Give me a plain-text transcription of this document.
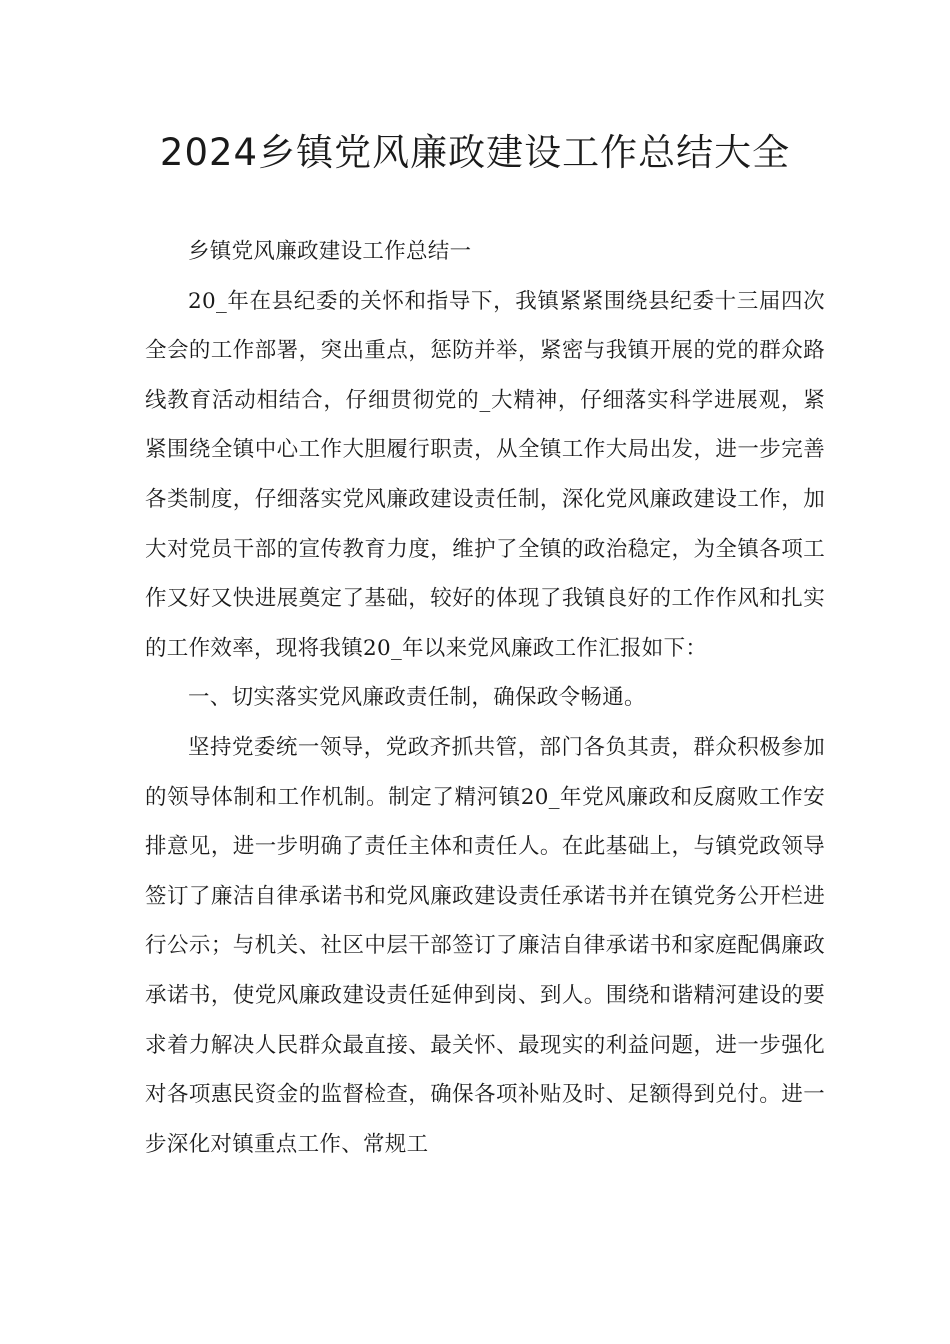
2024乡镇党风廉政建设工作总结大全

乡镇党风廉政建设工作总结一

20_年在县纪委的关怀和指导下，我镇紧紧围绕县纪委十三届四次全会的工作部署，突出重点，惩防并举，紧密与我镇开展的党的群众路线教育活动相结合，仔细贯彻党的_大精神，仔细落实科学进展观，紧紧围绕全镇中心工作大胆履行职责，从全镇工作大局出发，进一步完善各类制度，仔细落实党风廉政建设责任制，深化党风廉政建设工作，加大对党员干部的宣传教育力度，维护了全镇的政治稳定，为全镇各项工作又好又快进展奠定了基础，较好的体现了我镇良好的工作作风和扎实的工作效率，现将我镇20_年以来党风廉政工作汇报如下：

一、切实落实党风廉政责任制，确保政令畅通。

坚持党委统一领导，党政齐抓共管，部门各负其责，群众积极参加的领导体制和工作机制。制定了精河镇20_年党风廉政和反腐败工作安排意见，进一步明确了责任主体和责任人。在此基础上，与镇党政领导签订了廉洁自律承诺书和党风廉政建设责任承诺书并在镇党务公开栏进行公示；与机关、社区中层干部签订了廉洁自律承诺书和家庭配偶廉政承诺书，使党风廉政建设责任延伸到岗、到人。围绕和谐精河建设的要求着力解决人民群众最直接、最关怀、最现实的利益问题，进一步强化对各项惠民资金的监督检查，确保各项补贴及时、足额得到兑付。进一步深化对镇重点工作、常规工
